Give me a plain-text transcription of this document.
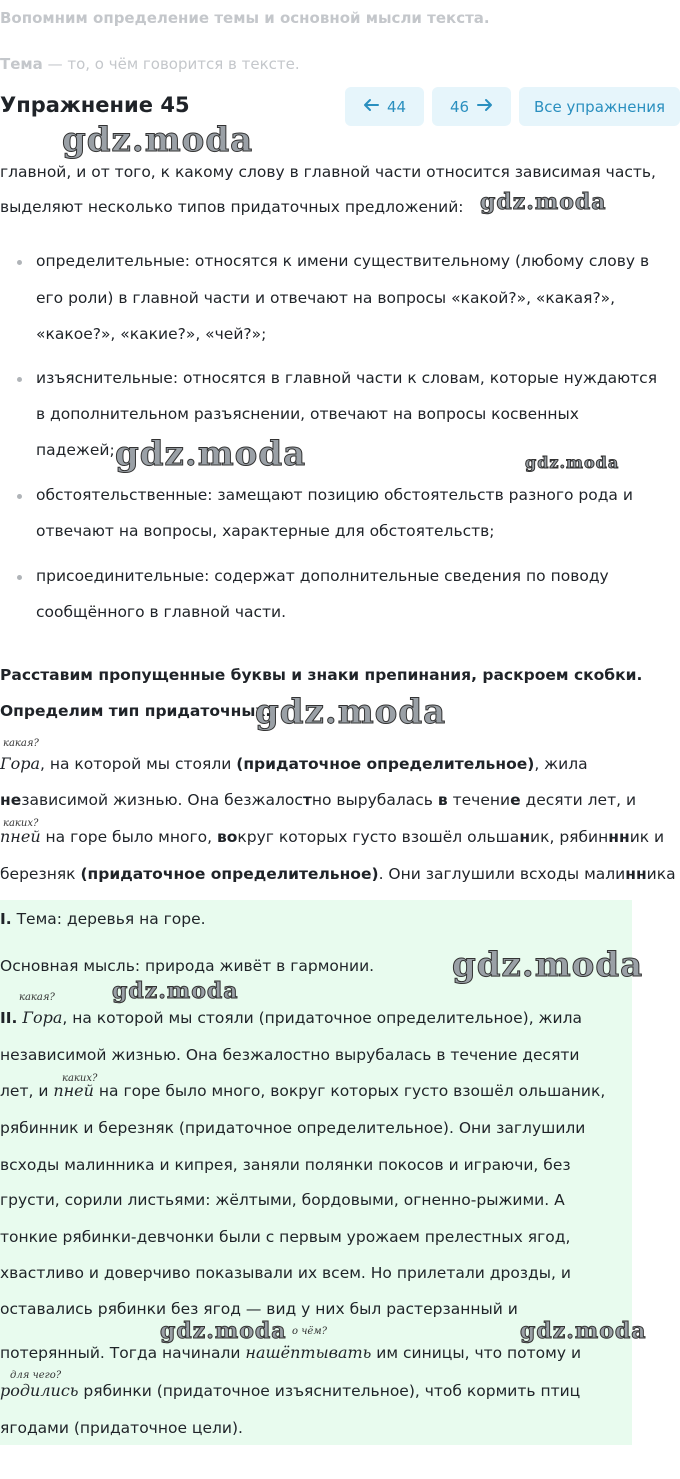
Вопомним определение темы и основной мысли текста.
Тема — то, о чём говорится в тексте.
Упражнение 45	44	46	Все упражнения
главной, и от того, к какому слову в главной части относится зависимая часть,
выделяют несколько типов придаточных предложений:
определительные: относятся к имени существительному (любому слову в
его роли) в главной части и отвечают на вопросы «какой?», «какая?»,
«какое?», «какие?», «чей?»;
изъяснительные: относятся в главной части к словам, которые нуждаются
в дополнительном разъяснении, отвечают на вопросы косвенных
падежей;
обстоятельственные: замещают позицию обстоятельств разного рода и
отвечают на вопросы, характерные для обстоятельств;
присоединительные: содержат дополнительные сведения по поводу
сообщённого в главной части.
Расставим пропущенные буквы и знаки препинания, раскроем скобки.
Определим тип придаточных.
какая?
Гора, на которой мы стояли (придаточное определительное), жила
независимой жизнью. Она безжалостно вырубалась в течение десяти лет, и
каких?
пней на горе было много, вокруг которых густо взошёл ольшаник, рябиннник и
березняк (придаточное определительное). Они заглушили всходы малинника
I. Тема: деревья на горе.
Основная мысль: природа живёт в гармонии.
какая?
II. Гора, на которой мы стояли (придаточное определительное), жила
независимой жизнью. Она безжалостно вырубалась в течение десяти
каких?
лет, и пней на горе было много, вокруг которых густо взошёл ольшаник,
рябинник и березняк (придаточное определительное). Они заглушили
всходы малинника и кипрея, заняли полянки покосов и играючи, без
грусти, сорили листьями: жёлтыми, бордовыми, огненно-рыжими. А
тонкие рябинки-девчонки были с первым урожаем прелестных ягод,
хвастливо и доверчиво показывали их всем. Но прилетали дрозды, и
оставались рябинки без ягод — вид у них был растерзанный и
о чём?
потерянный. Тогда начинали нашёптывать им синицы, что потому и
для чего?
родились рябинки (придаточное изъяснительное), чтоб кормить птиц
ягодами (придаточное цели).
gdz.moda
gdz.moda
gdz.moda	gdz.moda
gdz.moda
gdz.moda
gdz.moda
gdz.moda	gdz.moda
